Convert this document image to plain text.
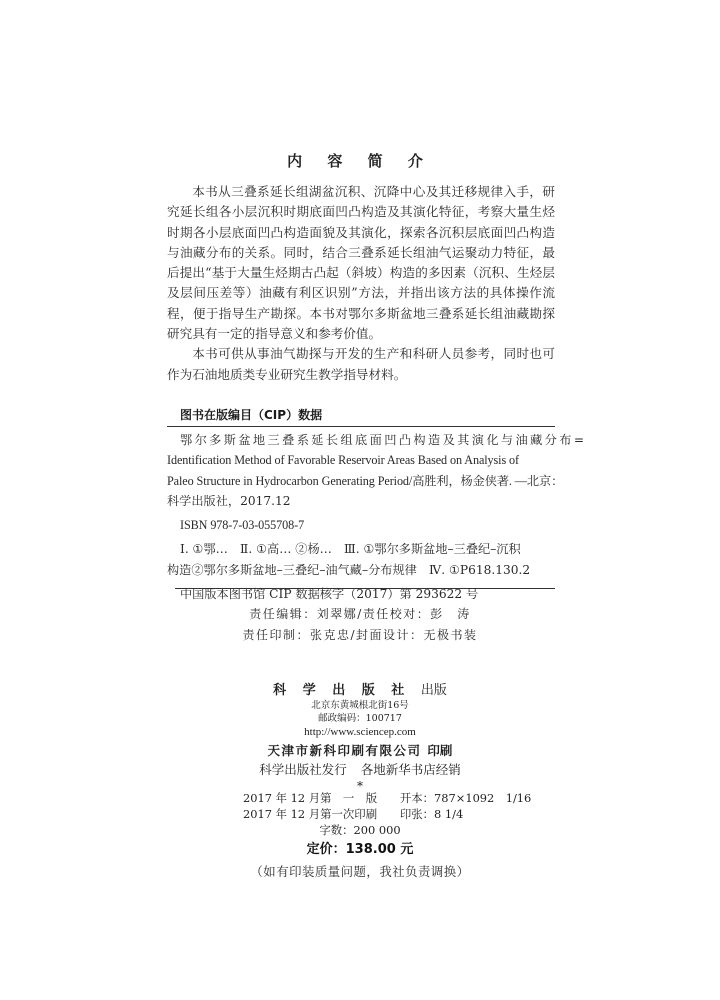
内 容 简 介

本书从三叠系延长组湖盆沉积、沉降中心及其迁移规律入手，研究延长组各小层沉积时期底面凹凸构造及其演化特征，考察大量生烃时期各小层底面凹凸构造面貌及其演化，探索各沉积层底面凹凸构造与油藏分布的关系。同时，结合三叠系延长组油气运聚动力特征，最后提出“基于大量生烃期古凸起（斜坡）构造的多因素（沉积、生烃层及层间压差等）油藏有利区识别”方法，并指出该方法的具体操作流程，便于指导生产勘探。本书对鄂尔多斯盆地三叠系延长组油藏勘探研究具有一定的指导意义和参考价值。

本书可供从事油气勘探与开发的生产和科研人员参考，同时也可作为石油地质类专业研究生教学指导材料。

图书在版编目（CIP）数据
鄂尔多斯盆地三叠系延长组底面凹凸构造及其演化与油藏分布=
Identification Method of Favorable Reservoir Areas Based on Analysis of
Paleo Structure in Hydrocarbon Generating Period/高胜利，杨金侠著. —北京：
科学出版社，2017.12
ISBN 978-7-03-055708-7
Ⅰ. ①鄂…　Ⅱ. ①高… ②杨…　Ⅲ. ①鄂尔多斯盆地–三叠纪–沉积
构造②鄂尔多斯盆地–三叠纪–油气藏–分布规律　Ⅳ. ①P618.130.2
中国版本图书馆 CIP 数据核字（2017）第 293622 号
责任编辑：刘翠娜/责任校对：彭　涛
责任印制：张克忠/封面设计：无极书装
科 学 出 版 社 出版
北京东黄城根北街16号
邮政编码：100717
http://www.sciencep.com
天津市新科印刷有限公司 印刷
科学出版社发行 各地新华书店经销
*
2017 年 12 月第　一　版　　开本：787×1092　1/16
2017 年 12 月第一次印刷　　印张：8 1/4
字数：200 000
定价：138.00 元
（如有印装质量问题，我社负责调换）
